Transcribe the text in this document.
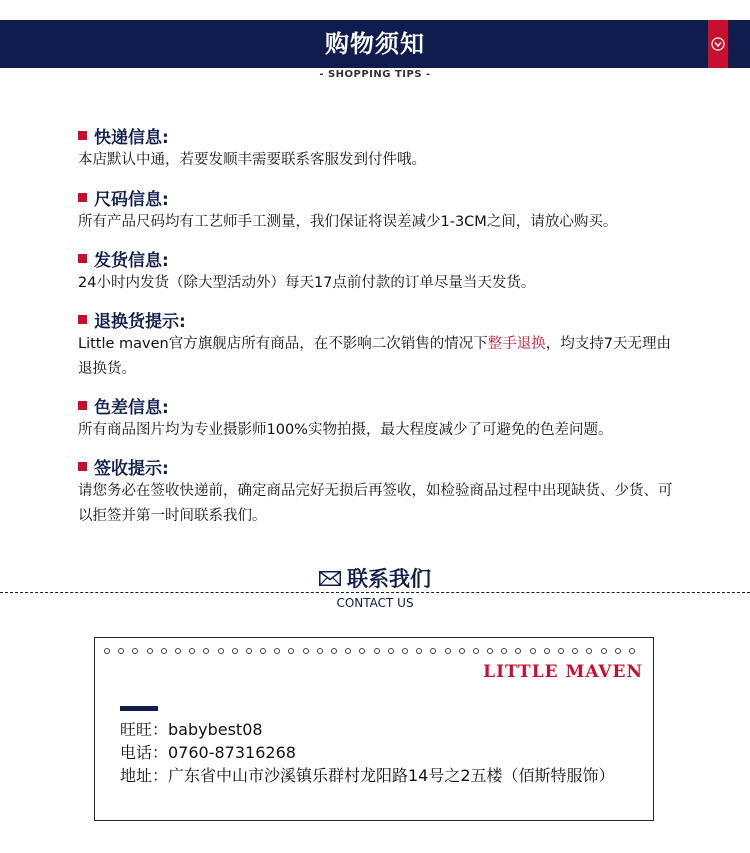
购物须知
- SHOPPING TIPS -
快递信息:
本店默认中通，若要发顺丰需要联系客服发到付件哦。
尺码信息:
所有产品尺码均有工艺师手工测量，我们保证将误差减少1-3CM之间，请放心购买。
发货信息:
24小时内发货（除大型活动外）每天17点前付款的订单尽量当天发货。
退换货提示:
Little maven官方旗舰店所有商品，在不影响二次销售的情况下整手退换，均支持7天无理由退换货。
色差信息:
所有商品图片均为专业摄影师100%实物拍摄，最大程度减少了可避免的色差问题。
签收提示:
请您务必在签收快递前，确定商品完好无损后再签收，如检验商品过程中出现缺货、少货、可以拒签并第一时间联系我们。
联系我们
CONTACT US
LITTLE MAVEN
旺旺：babybest08
电话：0760-87316268
地址：广东省中山市沙溪镇乐群村龙阳路14号之2五楼（佰斯特服饰）
